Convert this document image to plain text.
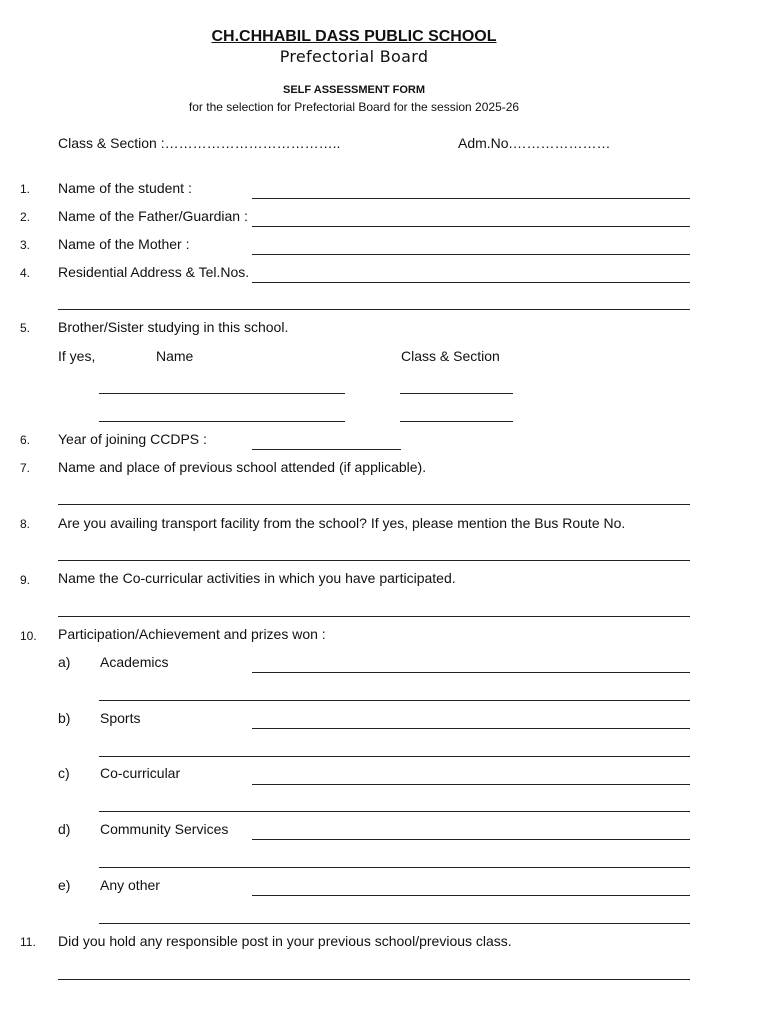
CH.CHHABIL DASS PUBLIC SCHOOL
Prefectorial Board
SELF ASSESSMENT FORM
for the selection for Prefectorial Board for the session 2025-26
Class & Section :………………………………..	Adm.No.…………………
1. Name of the student :
2. Name of the Father/Guardian :
3. Name of the Mother :
4. Residential Address & Tel.Nos.
5. Brother/Sister studying in this school.
If yes,	Name	Class & Section
6. Year of joining CCDPS :
7. Name and place of previous school attended (if applicable).
8. Are you availing transport facility from the school? If yes, please mention the Bus Route No.
9. Name the Co-curricular activities in which you have participated.
10. Participation/Achievement and prizes won :
a) Academics
b) Sports
c) Co-curricular
d) Community Services
e) Any other
11. Did you hold any responsible post in your previous school/previous class.
